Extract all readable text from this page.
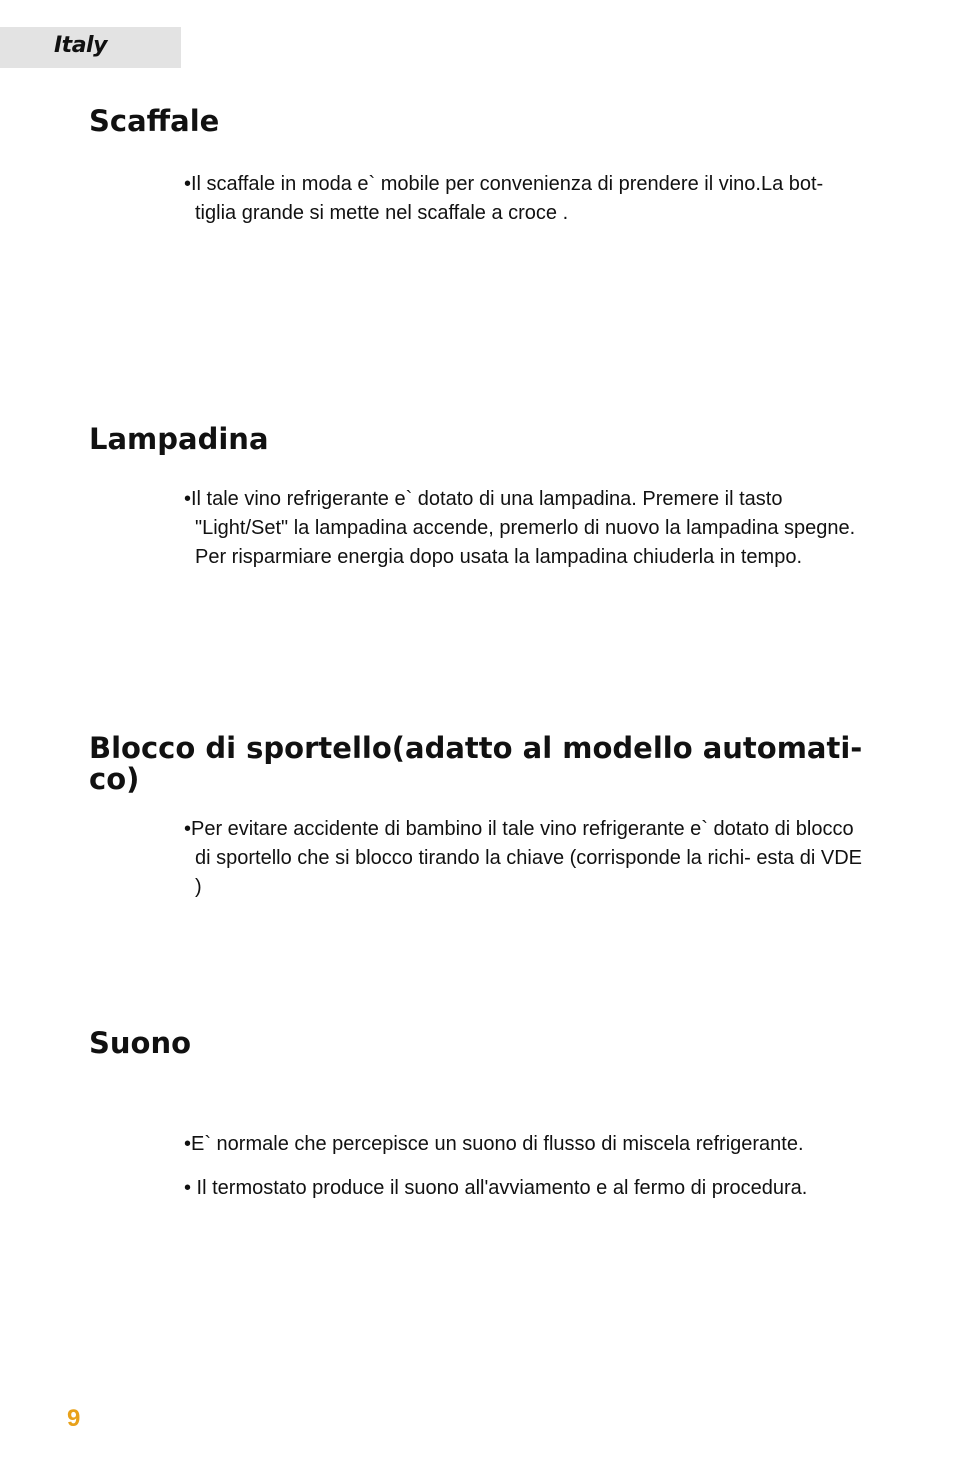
Italy
Scaffale

•Il scaffale in moda e` mobile per convenienza di prendere il vino.La bot- tiglia grande si mette nel scaffale a croce .

Lampadina

•Il tale vino refrigerante e` dotato di una lampadina. Premere il tasto "Light/Set" la lampadina accende, premerlo di nuovo la lampadina spegne. Per risparmiare energia dopo usata la lampadina chiuderla in tempo.

Blocco di sportello(adatto al modello automati- co)

•Per evitare accidente di bambino il tale vino refrigerante e` dotato di blocco di sportello che si blocco tirando la chiave (corrisponde la richi- esta di VDE )

Suono

•E` normale che percepisce un suono di flusso di miscela refrigerante.

• Il termostato produce il suono all'avviamento e al fermo di procedura.

9
